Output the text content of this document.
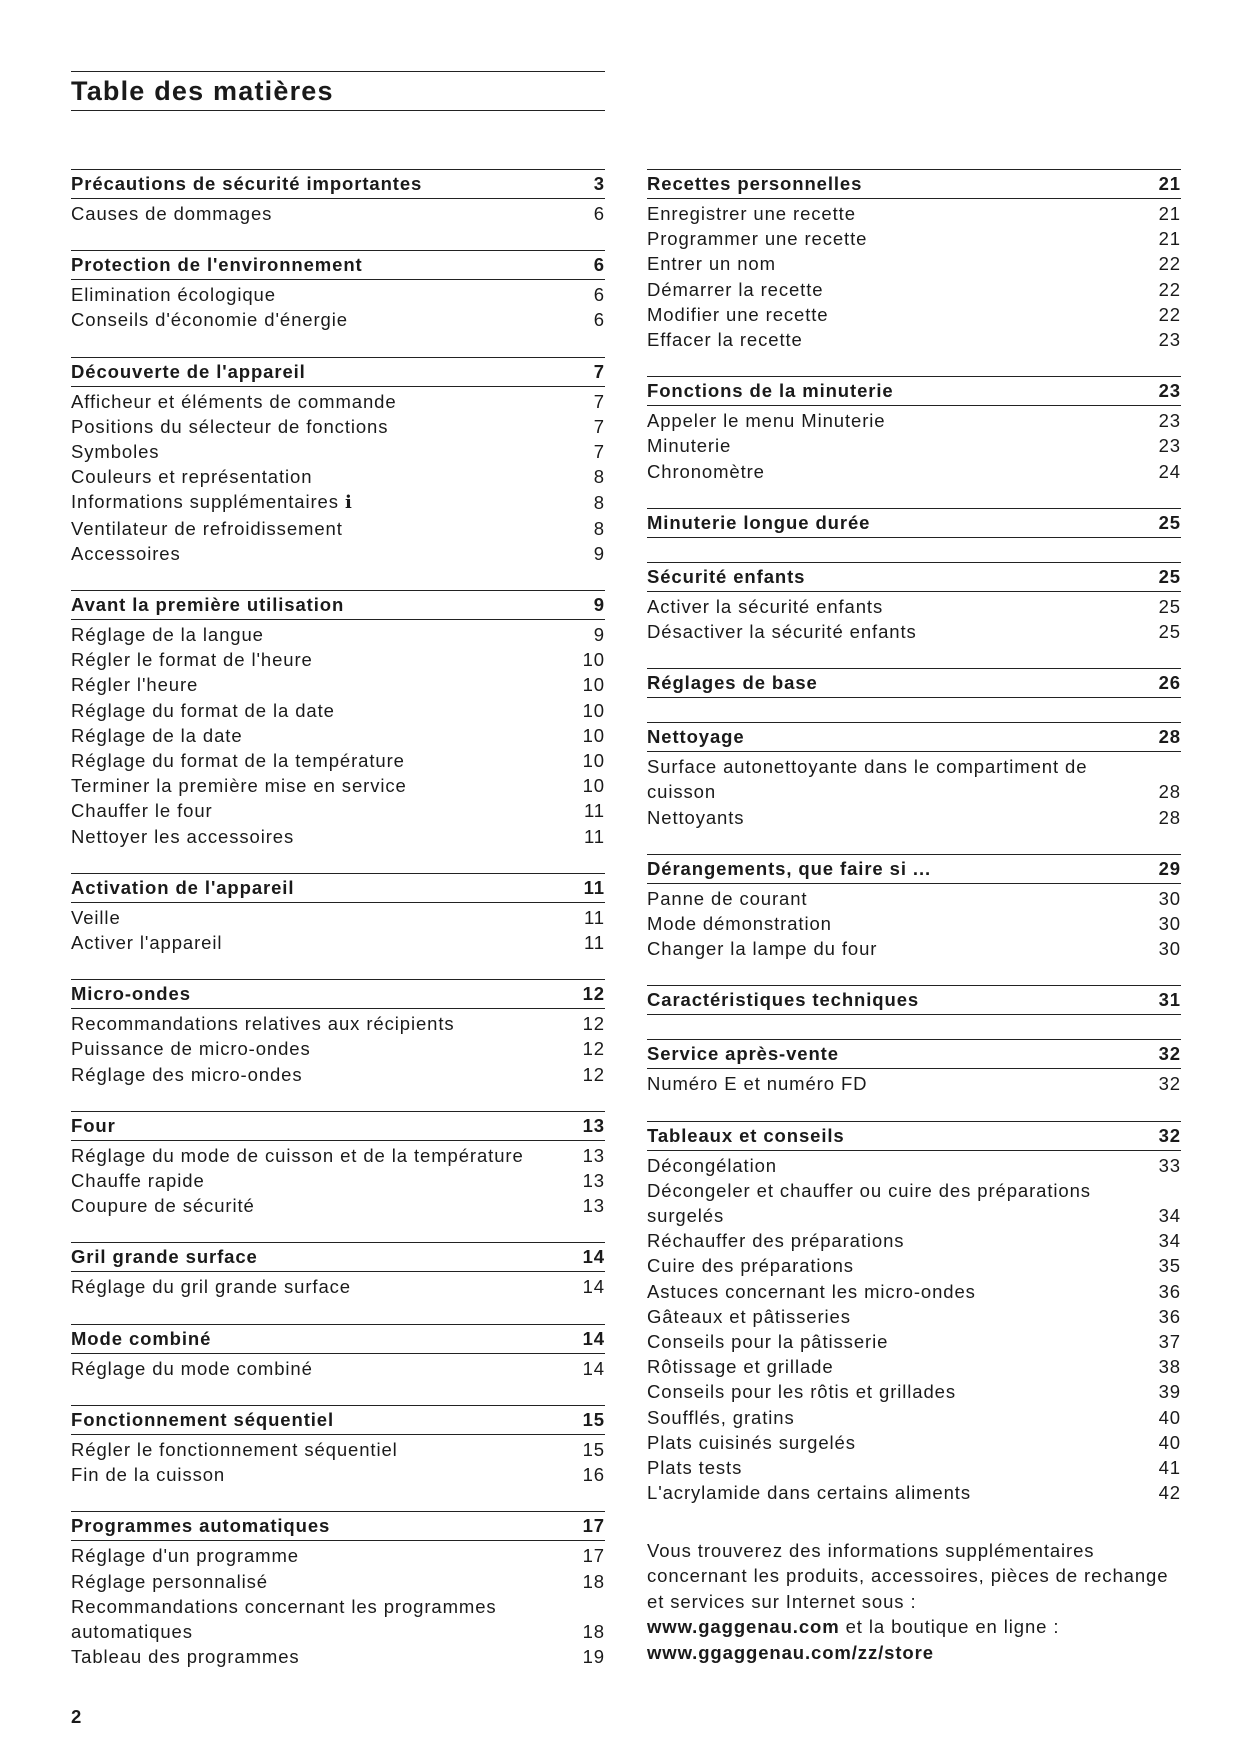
Table des matières
Précautions de sécurité importantes	3
Causes de dommages	6
Protection de l'environnement	6
Elimination écologique	6
Conseils d'économie d'énergie	6
Découverte de l'appareil	7
Afficheur et éléments de commande	7
Positions du sélecteur de fonctions	7
Symboles	7
Couleurs et représentation	8
Informations supplémentaires i	8
Ventilateur de refroidissement	8
Accessoires	9
Avant la première utilisation	9
Réglage de la langue	9
Régler le format de l'heure	10
Régler l'heure	10
Réglage du format de la date	10
Réglage de la date	10
Réglage du format de la température	10
Terminer la première mise en service	10
Chauffer le four	11
Nettoyer les accessoires	11
Activation de l'appareil	11
Veille	11
Activer l'appareil	11
Micro-ondes	12
Recommandations relatives aux récipients	12
Puissance de micro-ondes	12
Réglage des micro-ondes	12
Four	13
Réglage du mode de cuisson et de la température	13
Chauffe rapide	13
Coupure de sécurité	13
Gril grande surface	14
Réglage du gril grande surface	14
Mode combiné	14
Réglage du mode combiné	14
Fonctionnement séquentiel	15
Régler le fonctionnement séquentiel	15
Fin de la cuisson	16
Programmes automatiques	17
Réglage d'un programme	17
Réglage personnalisé	18
Recommandations concernant les programmes automatiques	18
Tableau des programmes	19
Recettes personnelles	21
Enregistrer une recette	21
Programmer une recette	21
Entrer un nom	22
Démarrer la recette	22
Modifier une recette	22
Effacer la recette	23
Fonctions de la minuterie	23
Appeler le menu Minuterie	23
Minuterie	23
Chronomètre	24
Minuterie longue durée	25
Sécurité enfants	25
Activer la sécurité enfants	25
Désactiver la sécurité enfants	25
Réglages de base	26
Nettoyage	28
Surface autonettoyante dans le compartiment de cuisson	28
Nettoyants	28
Dérangements, que faire si ...	29
Panne de courant	30
Mode démonstration	30
Changer la lampe du four	30
Caractéristiques techniques	31
Service après-vente	32
Numéro E et numéro FD	32
Tableaux et conseils	32
Décongélation	33
Décongeler et chauffer ou cuire des préparations surgelés	34
Réchauffer des préparations	34
Cuire des préparations	35
Astuces concernant les micro-ondes	36
Gâteaux et pâtisseries	36
Conseils pour la pâtisserie	37
Rôtissage et grillade	38
Conseils pour les rôtis et grillades	39
Soufflés, gratins	40
Plats cuisinés surgelés	40
Plats tests	41
L'acrylamide dans certains aliments	42
Vous trouverez des informations supplémentaires concernant les produits, accessoires, pièces de rechange et services sur Internet sous :
www.gaggenau.com et la boutique en ligne :
www.ggaggenau.com/zz/store
2
